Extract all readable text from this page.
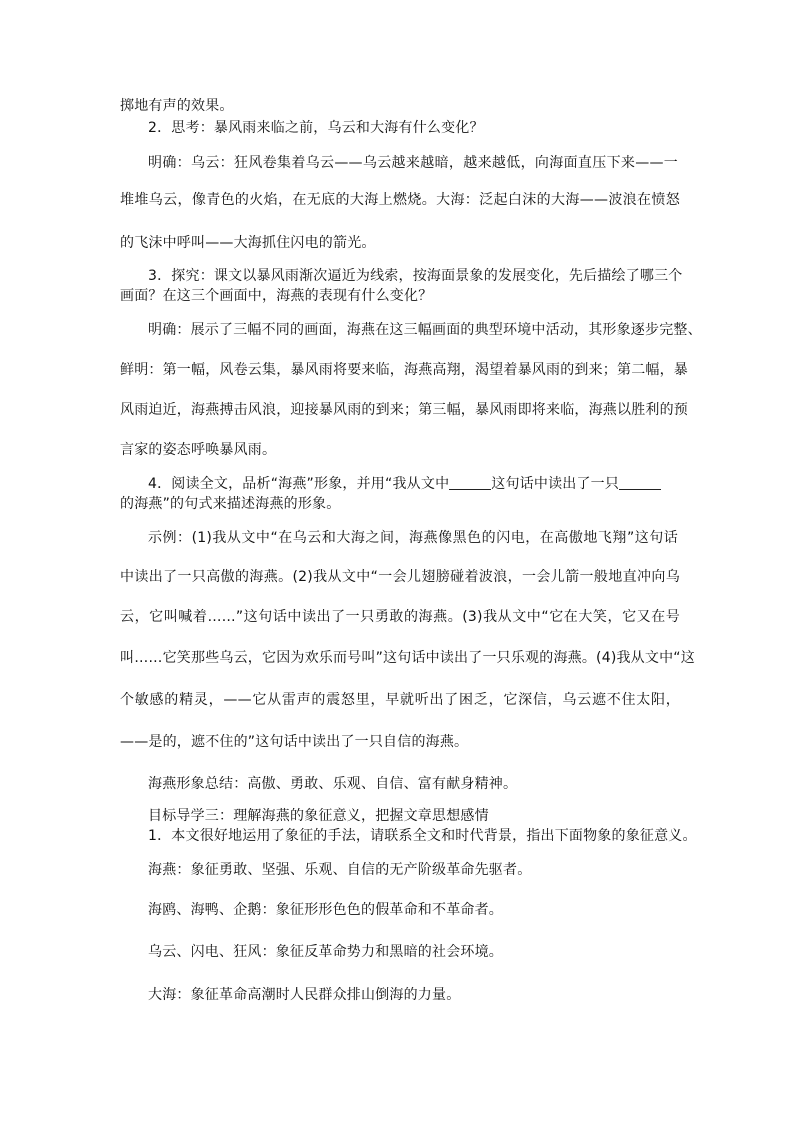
掷地有声的效果。
2．思考：暴风雨来临之前，乌云和大海有什么变化？
明确：乌云：狂风卷集着乌云——乌云越来越暗，越来越低，向海面直压下来——一
堆堆乌云，像青色的火焰，在无底的大海上燃烧。大海：泛起白沫的大海——波浪在愤怒
的飞沫中呼叫——大海抓住闪电的箭光。
3．探究：课文以暴风雨渐次逼近为线索，按海面景象的发展变化，先后描绘了哪三个
画面？在这三个画面中，海燕的表现有什么变化？
明确：展示了三幅不同的画面，海燕在这三幅画面的典型环境中活动，其形象逐步完整、
鲜明：第一幅，风卷云集，暴风雨将要来临，海燕高翔，渴望着暴风雨的到来；第二幅，暴
风雨迫近，海燕搏击风浪，迎接暴风雨的到来；第三幅，暴风雨即将来临，海燕以胜利的预
言家的姿态呼唤暴风雨。
4．阅读全文，品析“海燕”形象，并用“我从文中	这句话中读出了一只
的海燕”的句式来描述海燕的形象。
示例：(1)我从文中“在乌云和大海之间，海燕像黑色的闪电，在高傲地飞翔”这句话
中读出了一只高傲的海燕。(2)我从文中“一会儿翅膀碰着波浪，一会儿箭一般地直冲向乌
云，它叫喊着……”这句话中读出了一只勇敢的海燕。(3)我从文中“它在大笑，它又在号
叫……它笑那些乌云，它因为欢乐而号叫”这句话中读出了一只乐观的海燕。(4)我从文中“这
个敏感的精灵，——它从雷声的震怒里，早就听出了困乏，它深信，乌云遮不住太阳，
——是的，遮不住的”这句话中读出了一只自信的海燕。
海燕形象总结：高傲、勇敢、乐观、自信、富有献身精神。
目标导学三：理解海燕的象征意义，把握文章思想感情
1．本文很好地运用了象征的手法，请联系全文和时代背景，指出下面物象的象征意义。
海燕：象征勇敢、坚强、乐观、自信的无产阶级革命先驱者。
海鸥、海鸭、企鹅：象征形形色色的假革命和不革命者。
乌云、闪电、狂风：象征反革命势力和黑暗的社会环境。
大海：象征革命高潮时人民群众排山倒海的力量。
